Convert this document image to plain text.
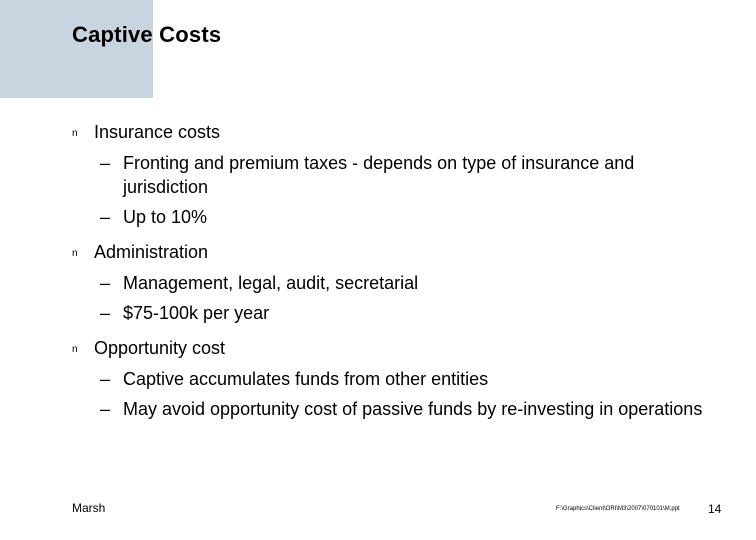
Captive Costs
n Insurance costs
– Fronting and premium taxes - depends on type of insurance and jurisdiction
– Up to 10%
n Administration
– Management, legal, audit, secretarial
– $75-100k per year
n Opportunity cost
– Captive accumulates funds from other entities
– May avoid opportunity cost of passive funds by re-investing in operations
Marsh	F:\Graphics\Client\ORI\M3\2007\070101\M.ppt 14
